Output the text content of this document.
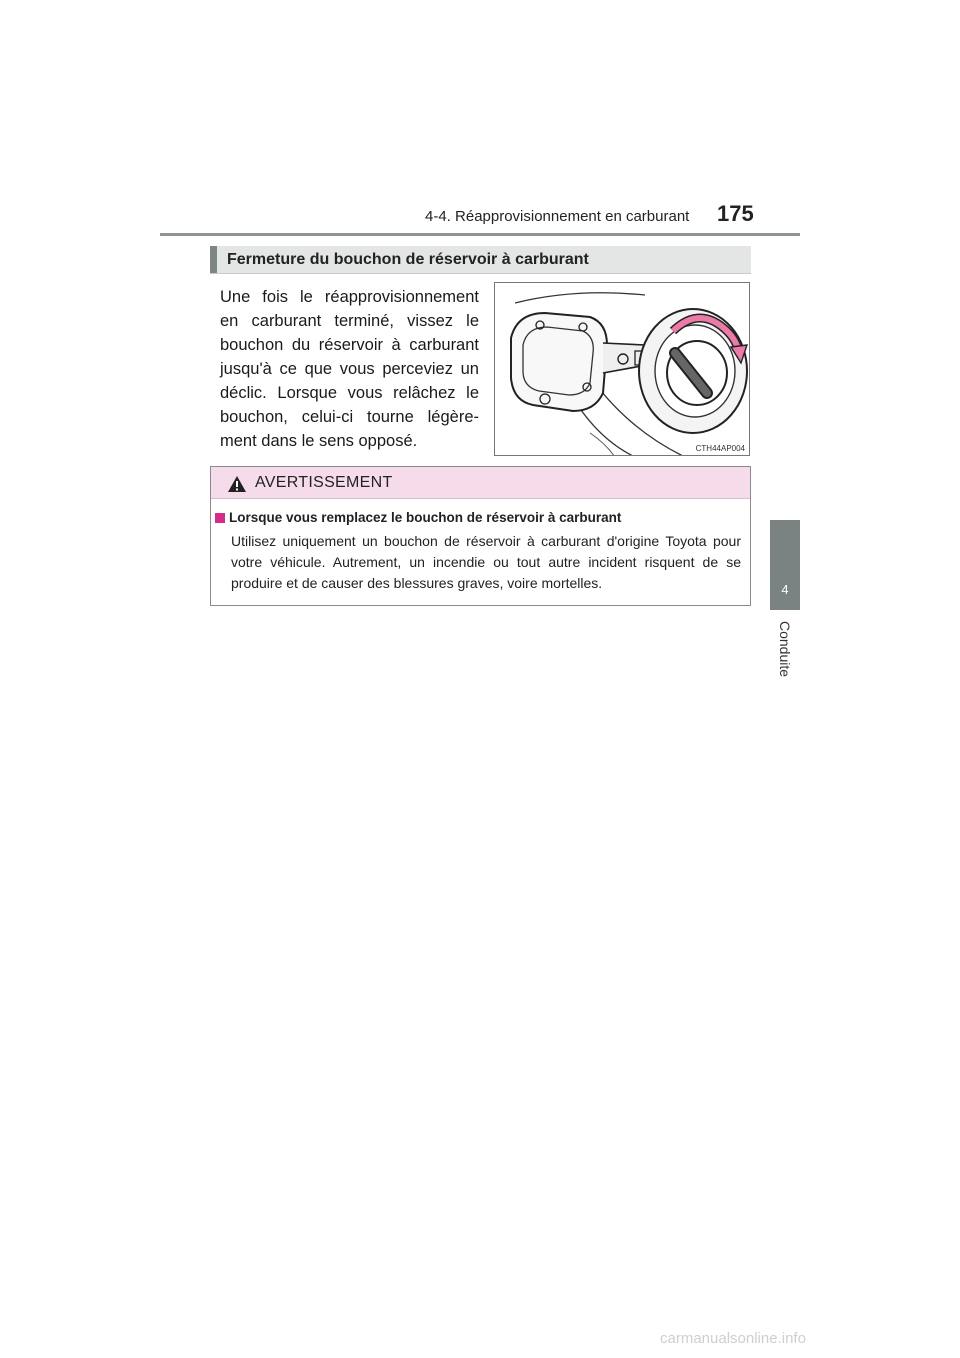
4-4. Réapprovisionnement en carburant 175
4
Conduite
Fermeture du bouchon de réservoir à carburant
Une fois le réapprovisionnement en carburant terminé, vissez le bouchon du réservoir à carburant jusqu'à ce que vous perceviez un déclic. Lorsque vous relâchez le bouchon, celui-ci tourne légère-ment dans le sens opposé.	CTH44AP004
AVERTISSEMENT
Lorsque vous remplacez le bouchon de réservoir à carburant
Utilisez uniquement un bouchon de réservoir à carburant d'origine Toyota pour votre véhicule. Autrement, un incendie ou tout autre incident risquent de se produire et de causer des blessures graves, voire mortelles.
carmanualsonline.info
